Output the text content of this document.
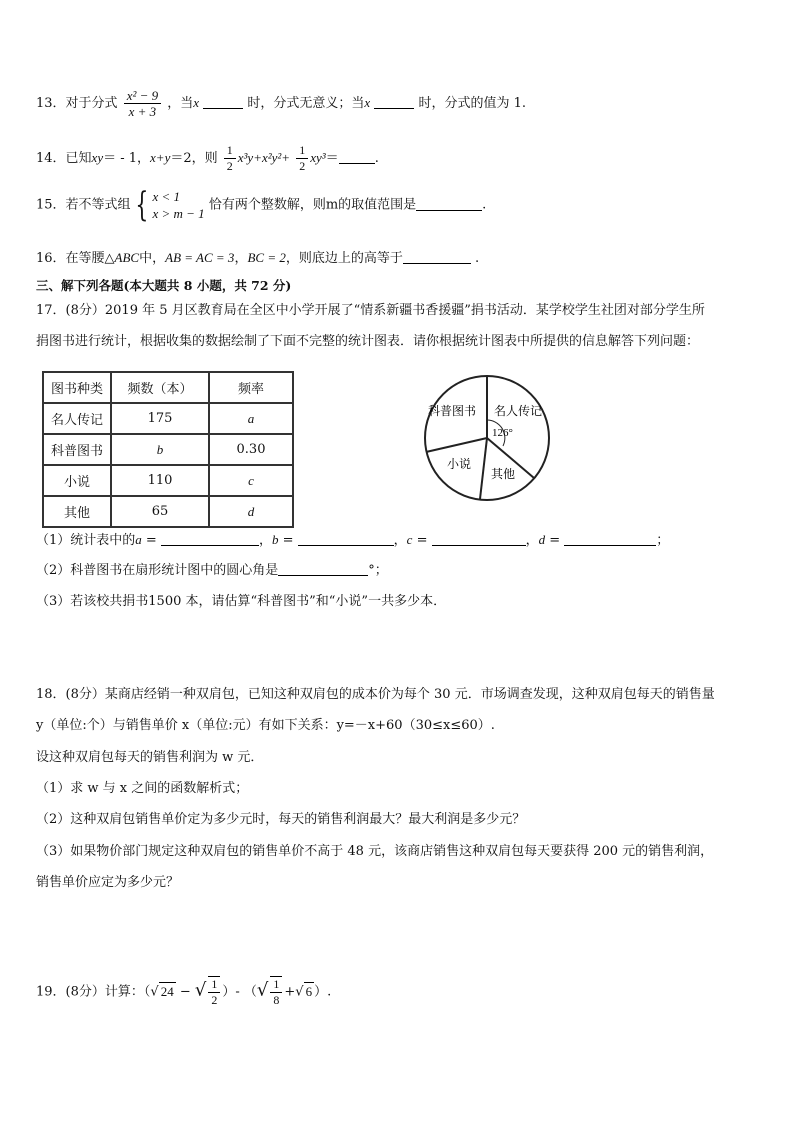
13．对于分式 $\frac{\text{x² − 9}}{x + 3}$ ，当x	时，分式无意义；当x	时，分式的值为 1.
14．已知xy＝ - 1，x+y＝2，则 $\frac{1}{2} x^3y+x^2y^2+ \frac{1}{2} xy^3=$	.
15．若不等式组 { x < 1
x > m − 1
恰有两个整数解，则m的取值范围是	.
16．在等腰△ABC中，AB = AC = 3，BC = 2，则底边上的高等于	.
三、解下列各题(本大题共 8 小题，共 72 分)
17．(8分）2019 年 5 月区教育局在全区中小学开展了“情系新疆书香援疆”捐书活动．某学校学生社团对部分学生所
捐图书进行统计，根据收集的数据绘制了下面不完整的统计图表．请你根据统计图表中所提供的信息解答下列问题：
图书种类	频数（本）	频率
名人传记	175	a
科普图书	b	0.30
小说	110	c
其他	65	d
科普图书 名人传记
126°
小说
其他
（1）统计表中的a =	，b =	，c =	，d =	；
（2）科普图书在扇形统计图中的圆心角是	°；
（3）若该校共捐书1500 本，请估算“科普图书”和“小说”一共多少本．
18．(8分）某商店经销一种双肩包，已知这种双肩包的成本价为每个 30 元．市场调查发现，这种双肩包每天的销售量
y（单位:个）与销售单价 x（单位:元）有如下关系：y=－x+60（30≤x≤60）.
设这种双肩包每天的销售利润为 w 元．
（1）求 w 与 x 之间的函数解析式；
（2）这种双肩包销售单价定为多少元时，每天的销售利润最大？最大利润是多少元？
（3）如果物价部门规定这种双肩包的销售单价不高于 48 元，该商店销售这种双肩包每天要获得 200 元的销售利润，
销售单价应定为多少元？
19．(8分）计算：（√ 24 − √ $\frac{1}{2}$ ）- （√ $\frac{1}{8}$ +√ 6 ）.
